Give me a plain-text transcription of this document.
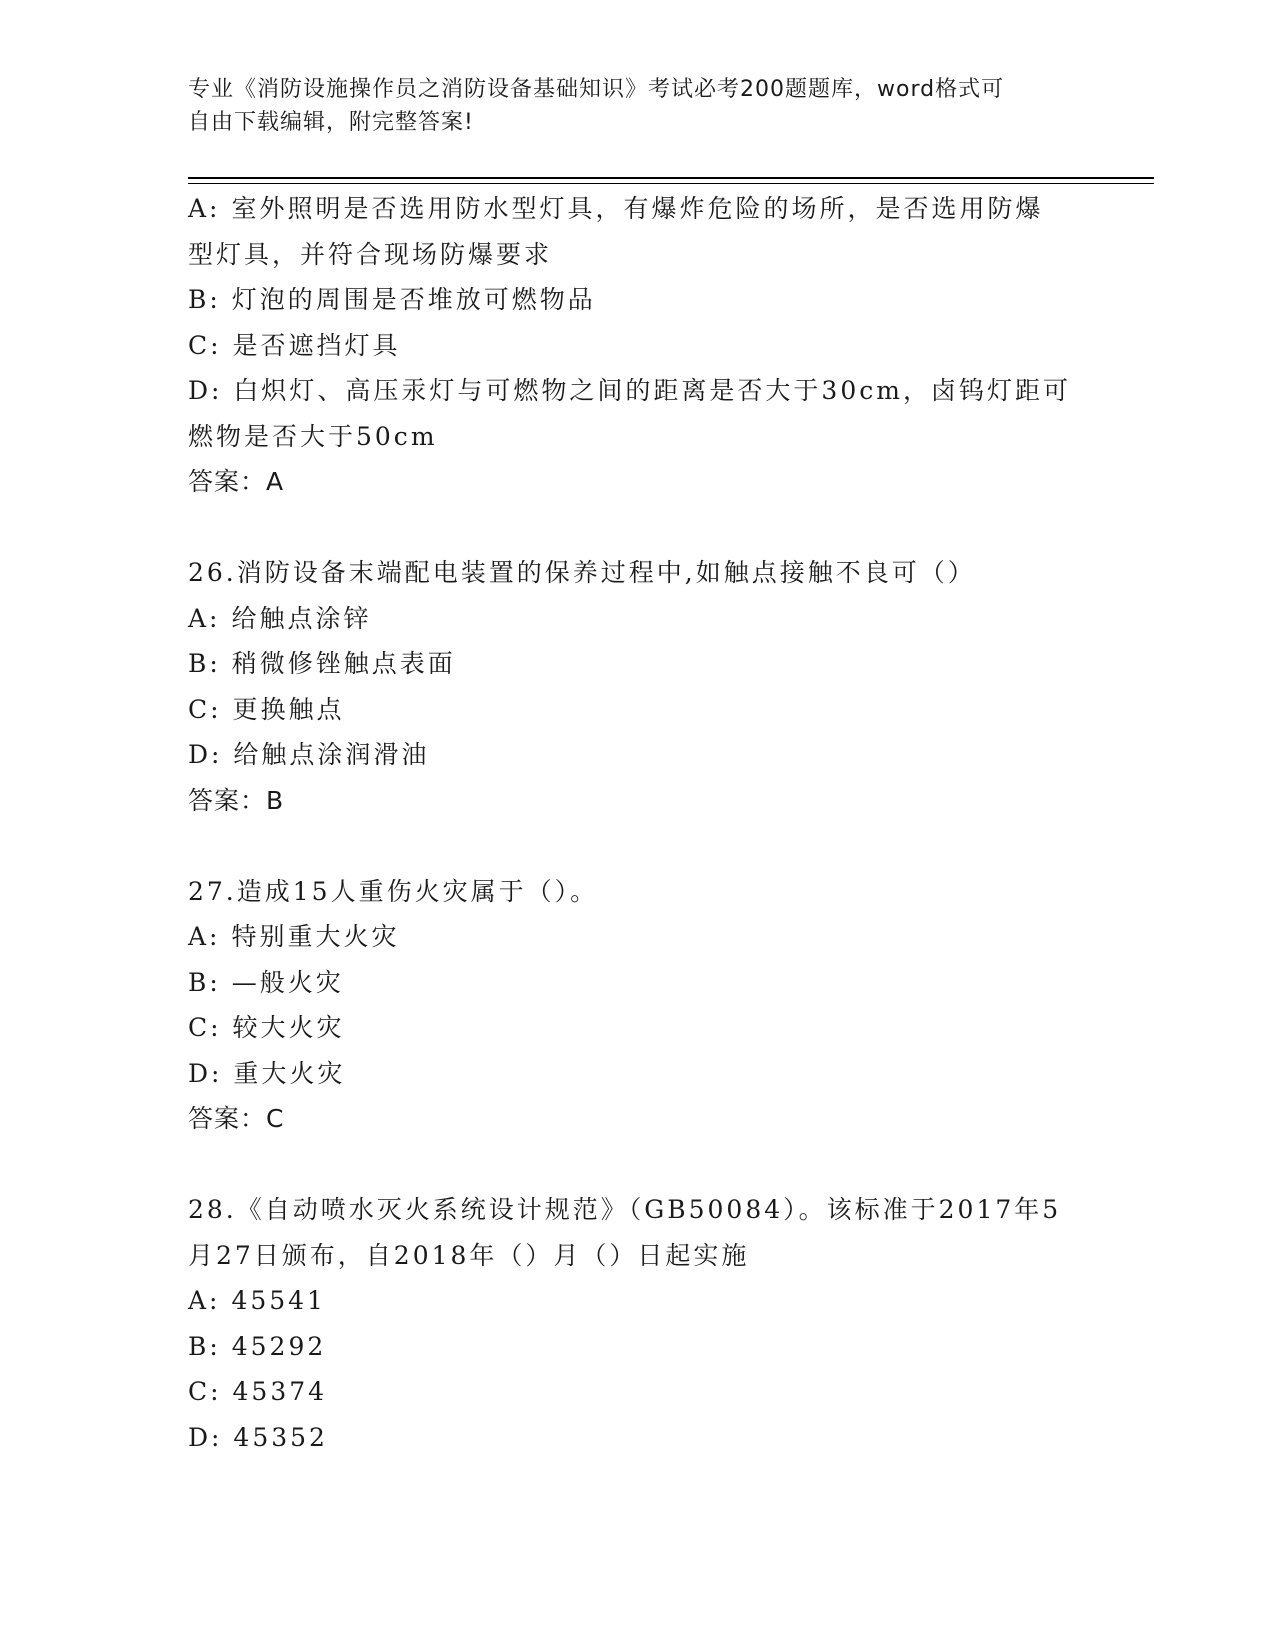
专业《消防设施操作员之消防设备基础知识》考试必考200题题库，word格式可
自由下载编辑，附完整答案!
A: 室外照明是否选用防水型灯具，有爆炸危险的场所，是否选用防爆
型灯具，并符合现场防爆要求
B: 灯泡的周围是否堆放可燃物品
C: 是否遮挡灯具
D: 白炽灯、高压汞灯与可燃物之间的距离是否大于30cm，卤钨灯距可
燃物是否大于50cm
答案：A
26.消防设备末端配电装置的保养过程中,如触点接触不良可（）
A: 给触点涂锌
B: 稍微修锉触点表面
C: 更换触点
D: 给触点涂润滑油
答案：B
27.造成15人重伤火灾属于（）。
A: 特别重大火灾
B: —般火灾
C: 较大火灾
D: 重大火灾
答案：C
28.《自动喷水灭火系统设计规范》（GB50084）。该标准于2017年5
月27日颁布，自2018年（）月（）日起实施
A: 45541
B: 45292
C: 45374
D: 45352
